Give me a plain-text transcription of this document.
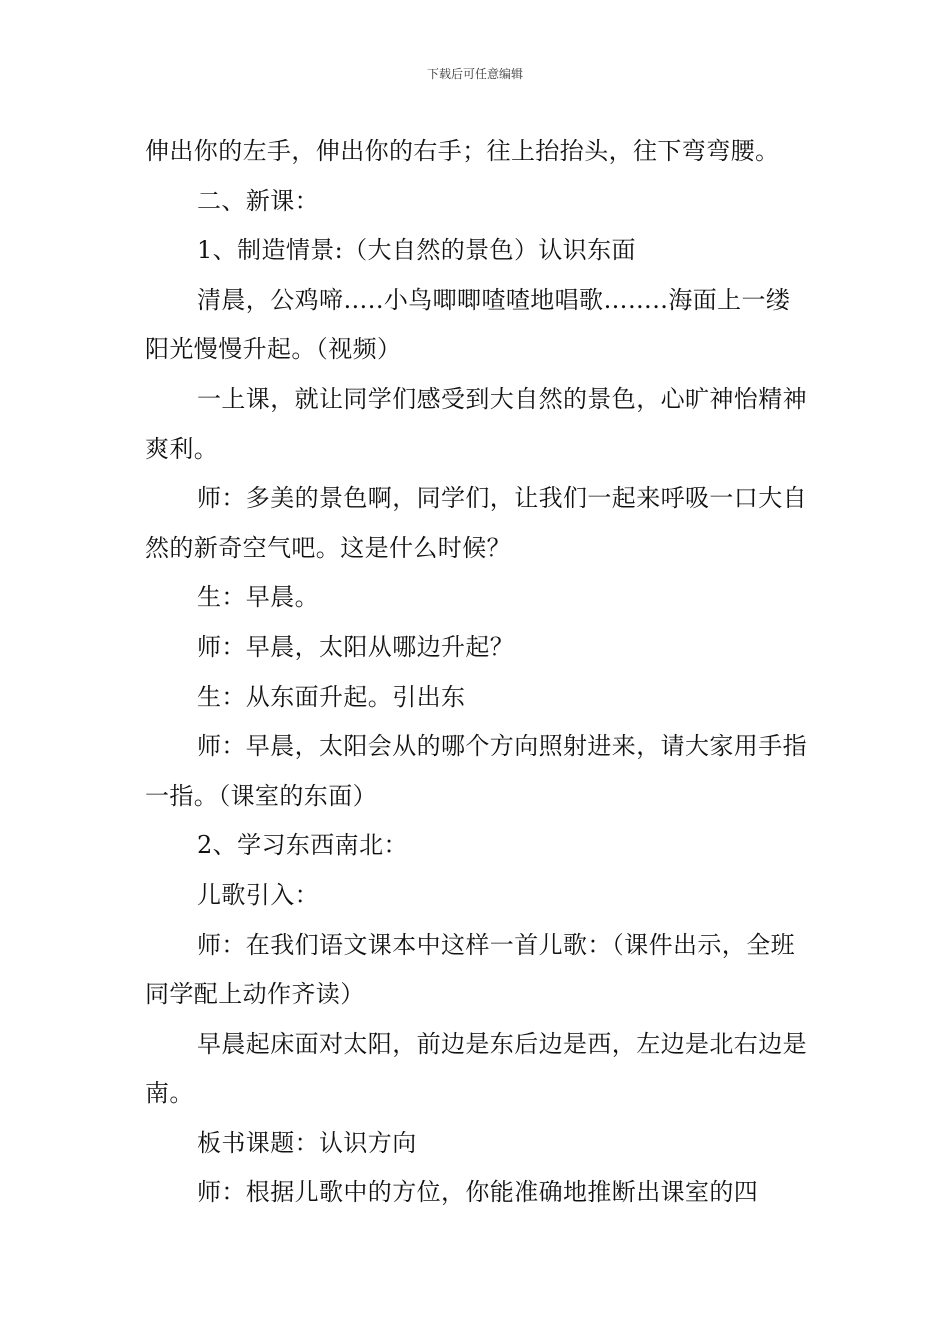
下载后可任意编辑

伸出你的左手，伸出你的右手；往上抬抬头，往下弯弯腰。

二、新课：

1、制造情景:（大自然的景色）认识东面

清晨，公鸡啼…..小鸟唧唧喳喳地唱歌……..海面上一缕阳光慢慢升起。（视频）

一上课，就让同学们感受到大自然的景色，心旷神怡精神爽利。

师：多美的景色啊，同学们，让我们一起来呼吸一口大自然的新奇空气吧。这是什么时候？

生：早晨。

师：早晨，太阳从哪边升起？

生：从东面升起。引出东

师：早晨，太阳会从的哪个方向照射进来，请大家用手指一指。（课室的东面）

2、学习东西南北：

儿歌引入：

师：在我们语文课本中这样一首儿歌：（课件出示，全班同学配上动作齐读）

早晨起床面对太阳，前边是东后边是西，左边是北右边是南。

板书课题：认识方向

师：根据儿歌中的方位，你能准确地推断出课室的四
